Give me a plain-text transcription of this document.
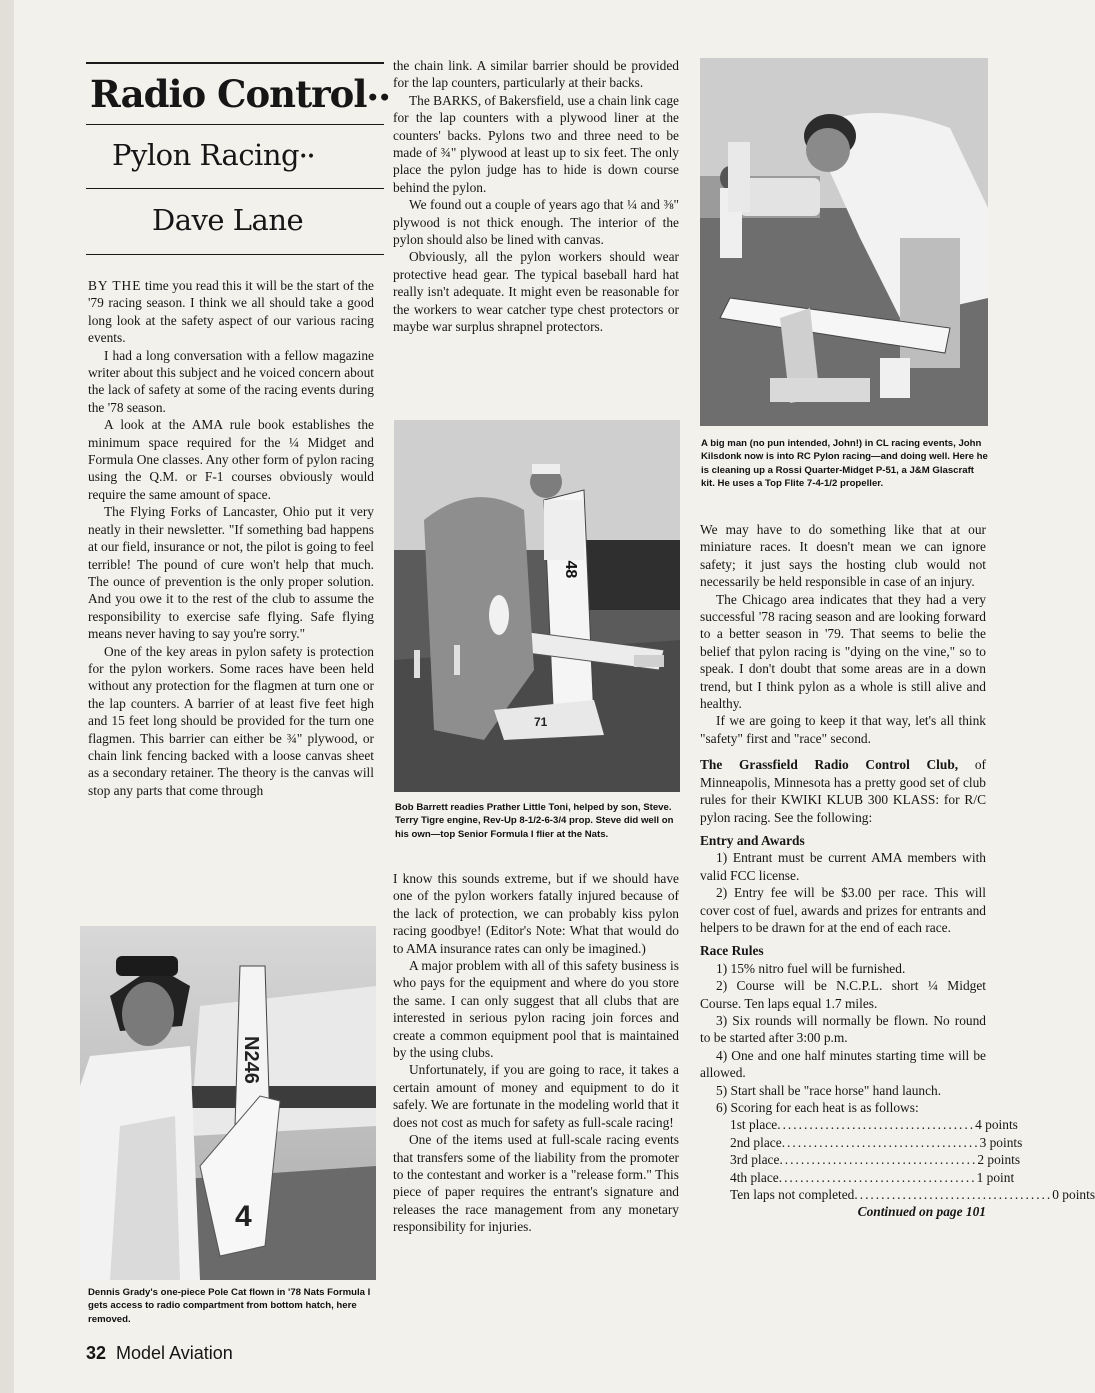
Radio Control••
Pylon Racing••
Dave Lane

BY THE time you read this it will be the start of the '79 racing season. I think we all should take a good long look at the safety aspect of our various racing events.

I had a long conversation with a fellow magazine writer about this subject and he voiced concern about the lack of safety at some of the racing events during the '78 season.

A look at the AMA rule book establishes the minimum space required for the ¼ Midget and Formula One classes. Any other form of pylon racing using the Q.M. or F-1 courses obviously would require the same amount of space.

The Flying Forks of Lancaster, Ohio put it very neatly in their newsletter. "If something bad happens at our field, insurance or not, the pilot is going to feel terrible! The pound of cure won't help that much. The ounce of prevention is the only proper solution. And you owe it to the rest of the club to assume the responsibility to exercise safe flying. Safe flying means never having to say you're sorry."

One of the key areas in pylon safety is protection for the pylon workers. Some races have been held without any protection for the flagmen at turn one or the lap counters. A barrier of at least five feet high and 15 feet long should be provided for the turn one flagmen. This barrier can either be ¾" plywood, or chain link fencing backed with a loose canvas sheet as a secondary retainer. The theory is the canvas will stop any parts that come through

4
N246

Dennis Grady's one-piece Pole Cat flown in '78 Nats Formula I gets access to radio compartment from bottom hatch, here removed.

the chain link. A similar barrier should be provided for the lap counters, particularly at their backs.

The BARKS, of Bakersfield, use a chain link cage for the lap counters with a plywood liner at the counters' backs. Pylons two and three need to be made of ¾" plywood at least up to six feet. The only place the pylon judge has to hide is down course behind the pylon.

We found out a couple of years ago that ¼ and ⅜" plywood is not thick enough. The interior of the pylon should also be lined with canvas.

Obviously, all the pylon workers should wear protective head gear. The typical baseball hard hat really isn't adequate. It might even be reasonable for the workers to wear catcher type chest protectors or maybe war surplus shrapnel protectors.

71

Bob Barrett readies Prather Little Toni, helped by son, Steve. Terry Tigre engine, Rev-Up 8-1/2-6-3/4 prop. Steve did well on his own—top Senior Formula I flier at the Nats.

I know this sounds extreme, but if we should have one of the pylon workers fatally injured because of the lack of protection, we can probably kiss pylon racing goodbye! (Editor's Note: What that would do to AMA insurance rates can only be imagined.)

A major problem with all of this safety business is who pays for the equipment and where do you store the same. I can only suggest that all clubs that are interested in serious pylon racing join forces and create a common equipment pool that is maintained by the using clubs.

Unfortunately, if you are going to race, it takes a certain amount of money and equipment to do it safely. We are fortunate in the modeling world that it does not cost as much for safety as full-scale racing!

One of the items used at full-scale racing events that transfers some of the liability from the promoter to the contestant and worker is a "release form." This piece of paper requires the entrant's signature and releases the race management from any monetary responsibility for injuries.

A big man (no pun intended, John!) in CL racing events, John Kilsdonk now is into RC Pylon racing—and doing well. Here he is cleaning up a Rossi Quarter-Midget P-51, a J&M Glascraft kit. He uses a Top Flite 7-4-1/2 propeller.

We may have to do something like that at our miniature races. It doesn't mean we can ignore safety; it just says the hosting club would not necessarily be held responsible in case of an injury.

The Chicago area indicates that they had a very successful '78 racing season and are looking forward to a better season in '79. That seems to belie the belief that pylon racing is "dying on the vine," so to speak. I don't doubt that some areas are in a down trend, but I think pylon as a whole is still alive and healthy.

If we are going to keep it that way, let's all think "safety" first and "race" second.

The Grassfield Radio Control Club, of Minneapolis, Minnesota has a pretty good set of club rules for their KWIKI KLUB 300 KLASS: for R/C pylon racing. See the following:

Entry and Awards

1) Entrant must be current AMA members with valid FCC license.

2) Entry fee will be $3.00 per race. This will cover cost of fuel, awards and prizes for entrants and helpers to be drawn for at the end of each race.

Race Rules

1) 15% nitro fuel will be furnished.

2) Course will be N.C.P.L. short ¼ Midget Course. Ten laps equal 1.7 miles.

3) Six rounds will normally be flown. No round to be started after 3:00 p.m.

4) One and one half minutes starting time will be allowed.

5) Start shall be "race horse" hand launch.

6) Scoring for each heat is as follows:

1st place ..................................... 4 points
2nd place ..................................... 3 points
3rd place ..................................... 2 points
4th place ..................................... 1 point
Ten laps not completed ..................................... 0 points

Continued on page 101

32 Model Aviation
